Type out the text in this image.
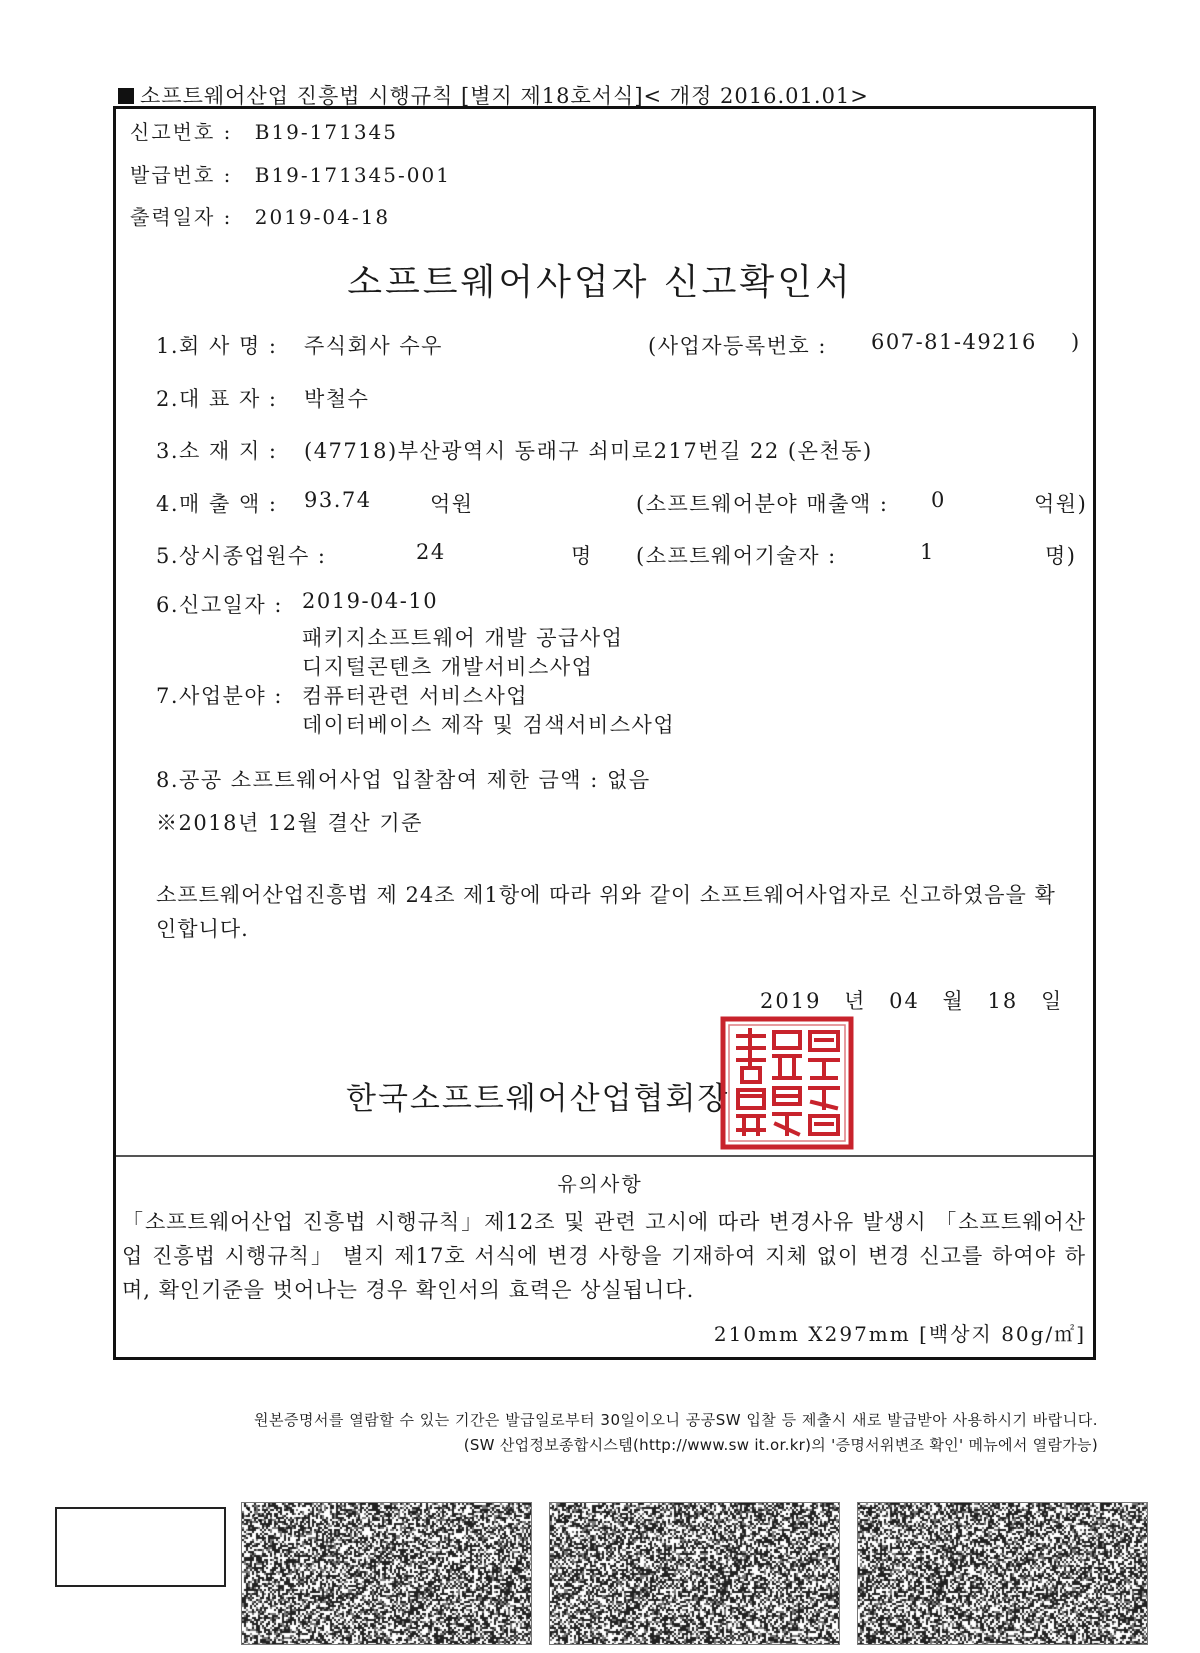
소프트웨어산업 진흥법 시행규칙 [별지 제18호서식]< 개정 2016.01.01>
신고번호 : B19-171345
발급번호 : B19-171345-001
출력일자 : 2019-04-18
소프트웨어사업자 신고확인서
1.회 사 명 : 주식회사 수우	(사업자등록번호 : 607-81-49216 )
2.대 표 자 : 박철수
3.소 재 지 : (47718)부산광역시 동래구 쇠미로217번길 22 (온천동)
4.매 출 액 : 93.74	억원	(소프트웨어분야 매출액 : 0	억원)
5.상시종업원수 :	24	명 (소프트웨어기술자 :	1	명)
6.신고일자 : 2019-04-10
패키지소프트웨어 개발 공급사업
디지털콘텐츠 개발서비스사업
7.사업분야 : 컴퓨터관련 서비스사업
데이터베이스 제작 및 검색서비스사업
8.공공 소프트웨어사업 입찰참여 제한 금액 : 없음
※2018년 12월 결산 기준
소프트웨어산업진흥법 제 24조 제1항에 따라 위와 같이 소프트웨어사업자로 신고하였음을 확인합니다.
2019 년 04 월 18 일
한국소프트웨어산업협회장
유의사항
「소프트웨어산업 진흥법 시행규칙」제12조 및 관련 고시에 따라 변경사유 발생시 「소프트웨어산업 진흥법 시행규칙」 별지 제17호 서식에 변경 사항을 기재하여 지체 없이 변경 신고를 하여야 하며, 확인기준을 벗어나는 경우 확인서의 효력은 상실됩니다.
210mm X297mm [백상지 80g/㎡]
원본증명서를 열람할 수 있는 기간은 발급일로부터 30일이오니 공공SW 입찰 등 제출시 새로 발급받아 사용하시기 바랍니다.
(SW 산업정보종합시스템(http://www.sw it.or.kr)의 '증명서위변조 확인' 메뉴에서 열람가능)
